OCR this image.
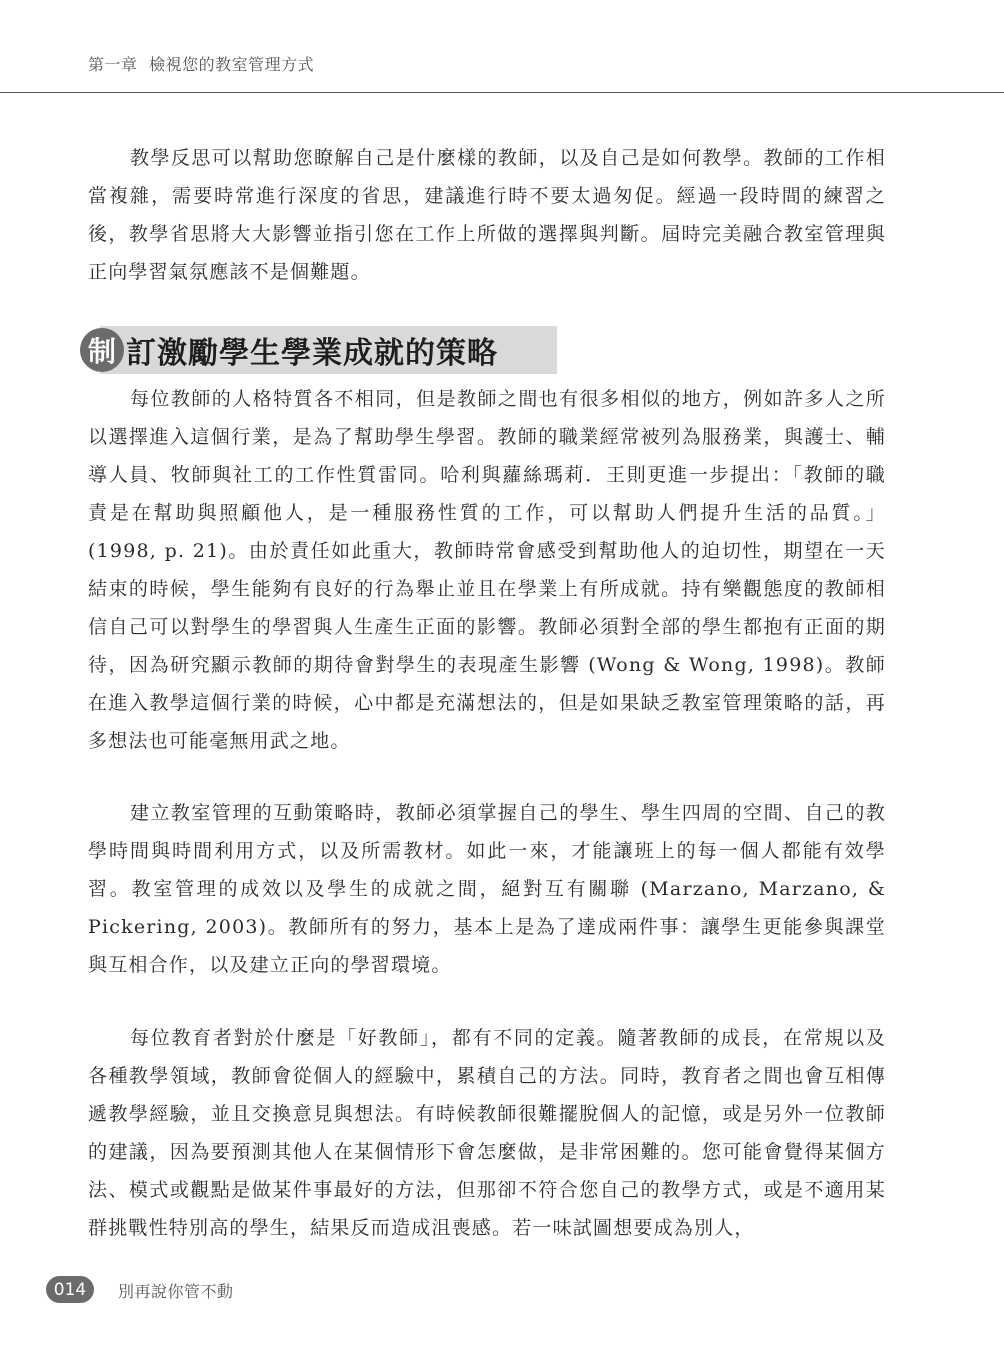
第一章 檢視您的教室管理方式

教學反思可以幫助您瞭解自己是什麼樣的教師，以及自己是如何教學。教師的工作相當複雜，需要時常進行深度的省思，建議進行時不要太過匆促。經過一段時間的練習之後，教學省思將大大影響並指引您在工作上所做的選擇與判斷。屆時完美融合教室管理與正向學習氣氛應該不是個難題。

制 訂激勵學生學業成就的策略

每位教師的人格特質各不相同，但是教師之間也有很多相似的地方，例如許多人之所以選擇進入這個行業，是為了幫助學生學習。教師的職業經常被列為服務業，與護士、輔導人員、牧師與社工的工作性質雷同。哈利與蘿絲瑪莉．王則更進一步提出：「教師的職責是在幫助與照顧他人，是一種服務性質的工作，可以幫助人們提升生活的品質。」(1998, p. 21)。由於責任如此重大，教師時常會感受到幫助他人的迫切性，期望在一天結束的時候，學生能夠有良好的行為舉止並且在學業上有所成就。持有樂觀態度的教師相信自己可以對學生的學習與人生產生正面的影響。教師必須對全部的學生都抱有正面的期待，因為研究顯示教師的期待會對學生的表現產生影響 (Wong & Wong, 1998)。教師在進入教學這個行業的時候，心中都是充滿想法的，但是如果缺乏教室管理策略的話，再多想法也可能毫無用武之地。

建立教室管理的互動策略時，教師必須掌握自己的學生、學生四周的空間、自己的教學時間與時間利用方式，以及所需教材。如此一來，才能讓班上的每一個人都能有效學習。教室管理的成效以及學生的成就之間，絕對互有關聯 (Marzano, Marzano, & Pickering, 2003)。教師所有的努力，基本上是為了達成兩件事：讓學生更能參與課堂與互相合作，以及建立正向的學習環境。

每位教育者對於什麼是「好教師」，都有不同的定義。隨著教師的成長，在常規以及各種教學領域，教師會從個人的經驗中，累積自己的方法。同時，教育者之間也會互相傳遞教學經驗，並且交換意見與想法。有時候教師很難擺脫個人的記憶，或是另外一位教師的建議，因為要預測其他人在某個情形下會怎麼做，是非常困難的。您可能會覺得某個方法、模式或觀點是做某件事最好的方法，但那卻不符合您自己的教學方式，或是不適用某群挑戰性特別高的學生，結果反而造成沮喪感。若一味試圖想要成為別人，

014	別再說你管不動
